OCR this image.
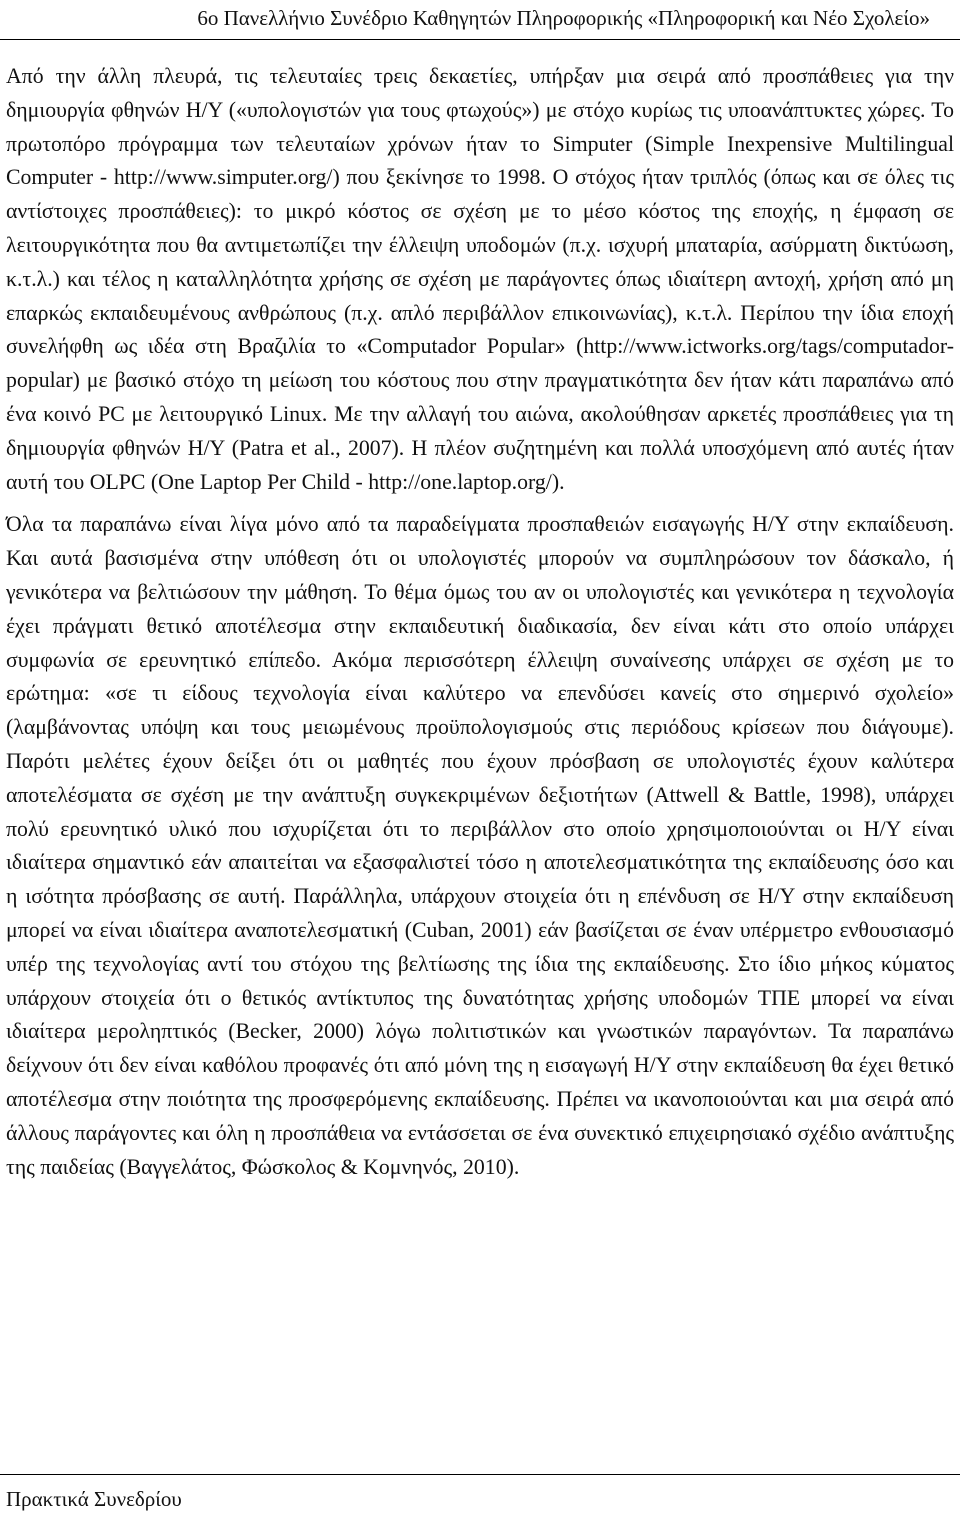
6ο Πανελλήνιο Συνέδριο Καθηγητών Πληροφορικής «Πληροφορική και Νέο Σχολείο»

Από την άλλη πλευρά, τις τελευταίες τρεις δεκαετίες, υπήρξαν μια σειρά από προσπάθειες για την δημιουργία φθηνών Η/Υ («υπολογιστών για τους φτωχούς») με στόχο κυρίως τις υποανάπτυκτες χώρες. Το πρωτοπόρο πρόγραμμα των τελευταίων χρόνων ήταν το Simputer (Simple Inexpensive Multilingual Computer - http://www.simputer.org/) που ξεκίνησε το 1998. Ο στόχος ήταν τριπλός (όπως και σε όλες τις αντίστοιχες προσπάθειες): το μικρό κόστος σε σχέση με το μέσο κόστος της εποχής, η έμφαση σε λειτουργικότητα που θα αντιμετωπίζει την έλλειψη υποδομών (π.χ. ισχυρή μπαταρία, ασύρματη δικτύωση, κ.τ.λ.) και τέλος η καταλληλότητα χρήσης σε σχέση με παράγοντες όπως ιδιαίτερη αντοχή, χρήση από μη επαρκώς εκπαιδευμένους ανθρώπους (π.χ. απλό περιβάλλον επικοινωνίας), κ.τ.λ. Περίπου την ίδια εποχή συνελήφθη ως ιδέα στη Βραζιλία το «Computador Popular» (http://www.ictworks.org/tags/computador-popular) με βασικό στόχο τη μείωση του κόστους που στην πραγματικότητα δεν ήταν κάτι παραπάνω από ένα κοινό PC με λειτουργικό Linux. Με την αλλαγή του αιώνα, ακολούθησαν αρκετές προσπάθειες για τη δημιουργία φθηνών Η/Υ (Patra et al., 2007). Η πλέον συζητημένη και πολλά υποσχόμενη από αυτές ήταν αυτή του OLPC (One Laptop Per Child - http://one.laptop.org/).

Όλα τα παραπάνω είναι λίγα μόνο από τα παραδείγματα προσπαθειών εισαγωγής Η/Υ στην εκπαίδευση. Και αυτά βασισμένα στην υπόθεση ότι οι υπολογιστές μπορούν να συμπληρώσουν τον δάσκαλο, ή γενικότερα να βελτιώσουν την μάθηση. Το θέμα όμως του αν οι υπολογιστές και γενικότερα η τεχνολογία έχει πράγματι θετικό αποτέλεσμα στην εκπαιδευτική διαδικασία, δεν είναι κάτι στο οποίο υπάρχει συμφωνία σε ερευνητικό επίπεδο. Ακόμα περισσότερη έλλειψη συναίνεσης υπάρχει σε σχέση με το ερώτημα: «σε τι είδους τεχνολογία είναι καλύτερο να επενδύσει κανείς στο σημερινό σχολείο» (λαμβάνοντας υπόψη και τους μειωμένους προϋπολογισμούς στις περιόδους κρίσεων που διάγουμε). Παρότι μελέτες έχουν δείξει ότι οι μαθητές που έχουν πρόσβαση σε υπολογιστές έχουν καλύτερα αποτελέσματα σε σχέση με την ανάπτυξη συγκεκριμένων δεξιοτήτων (Attwell & Battle, 1998), υπάρχει πολύ ερευνητικό υλικό που ισχυρίζεται ότι το περιβάλλον στο οποίο χρησιμοποιούνται οι Η/Υ είναι ιδιαίτερα σημαντικό εάν απαιτείται να εξασφαλιστεί τόσο η αποτελεσματικότητα της εκπαίδευσης όσο και η ισότητα πρόσβασης σε αυτή. Παράλληλα, υπάρχουν στοιχεία ότι η επένδυση σε Η/Υ στην εκπαίδευση μπορεί να είναι ιδιαίτερα αναποτελεσματική (Cuban, 2001) εάν βασίζεται σε έναν υπέρμετρο ενθουσιασμό υπέρ της τεχνολογίας αντί του στόχου της βελτίωσης της ίδια της εκπαίδευσης. Στο ίδιο μήκος κύματος υπάρχουν στοιχεία ότι ο θετικός αντίκτυπος της δυνατότητας χρήσης υποδομών ΤΠΕ μπορεί να είναι ιδιαίτερα μεροληπτικός (Becker, 2000) λόγω πολιτιστικών και γνωστικών παραγόντων. Τα παραπάνω δείχνουν ότι δεν είναι καθόλου προφανές ότι από μόνη της η εισαγωγή Η/Υ στην εκπαίδευση θα έχει θετικό αποτέλεσμα στην ποιότητα της προσφερόμενης εκπαίδευσης. Πρέπει να ικανοποιούνται και μια σειρά από άλλους παράγοντες και όλη η προσπάθεια να εντάσσεται σε ένα συνεκτικό επιχειρησιακό σχέδιο ανάπτυξης της παιδείας (Βαγγελάτος, Φώσκολος & Κομνηνός, 2010).

Πρακτικά Συνεδρίου
